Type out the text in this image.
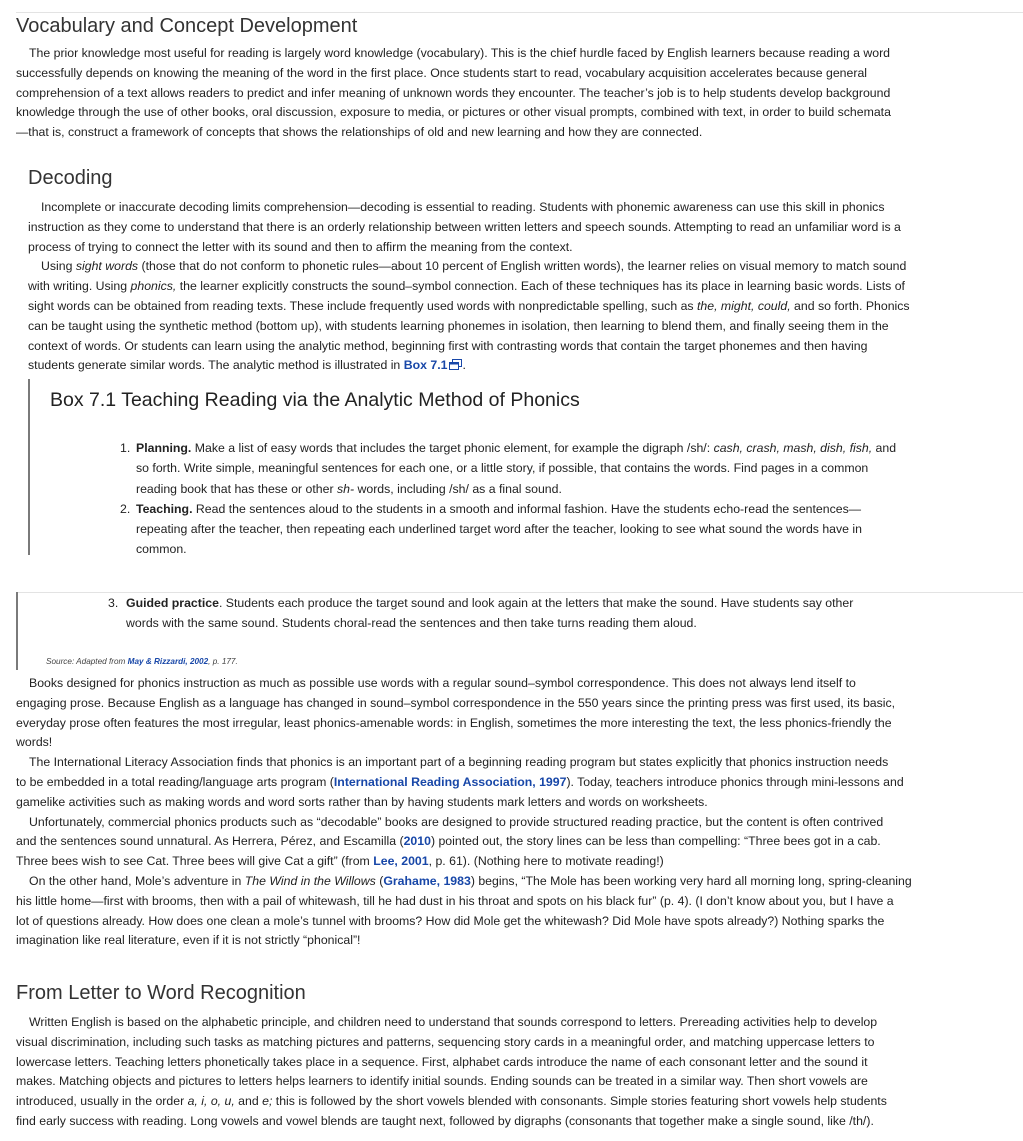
Vocabulary and Concept Development

The prior knowledge most useful for reading is largely word knowledge (vocabulary). This is the chief hurdle faced by English learners because reading a word

successfully depends on knowing the meaning of the word in the first place. Once students start to read, vocabulary acquisition accelerates because general

comprehension of a text allows readers to predict and infer meaning of unknown words they encounter. The teacher’s job is to help students develop background

knowledge through the use of other books, oral discussion, exposure to media, or pictures or other visual prompts, combined with text, in order to build schemata

—that is, construct a framework of concepts that shows the relationships of old and new learning and how they are connected.

Decoding

Incomplete or inaccurate decoding limits comprehension—decoding is essential to reading. Students with phonemic awareness can use this skill in phonics

instruction as they come to understand that there is an orderly relationship between written letters and speech sounds. Attempting to read an unfamiliar word is a

process of trying to connect the letter with its sound and then to affirm the meaning from the context.

Using sight words (those that do not conform to phonetic rules—about 10 percent of English written words), the learner relies on visual memory to match sound

with writing. Using phonics, the learner explicitly constructs the sound–symbol connection. Each of these techniques has its place in learning basic words. Lists of

sight words can be obtained from reading texts. These include frequently used words with nonpredictable spelling, such as the, might, could, and so forth. Phonics

can be taught using the synthetic method (bottom up), with students learning phonemes in isolation, then learning to blend them, and finally seeing them in the

context of words. Or students can learn using the analytic method, beginning first with contrasting words that contain the target phonemes and then having

students generate similar words. The analytic method is illustrated in Box 7.1 .

Box 7.1 Teaching Reading via the Analytic Method of Phonics
1. Planning. Make a list of easy words that includes the target phonic element, for example the digraph /sh/: cash, crash, mash, dish, fish, and
so forth. Write simple, meaningful sentences for each one, or a little story, if possible, that contains the words. Find pages in a common
reading book that has these or other sh- words, including /sh/ as a final sound.
2. Teaching. Read the sentences aloud to the students in a smooth and informal fashion. Have the students echo-read the sentences—
repeating after the teacher, then repeating each underlined target word after the teacher, looking to see what sound the words have in
common.
3. Guided practice. Students each produce the target sound and look again at the letters that make the sound. Have students say other
words with the same sound. Students choral-read the sentences and then take turns reading them aloud.
Source: Adapted from May & Rizzardi, 2002, p. 177.

Books designed for phonics instruction as much as possible use words with a regular sound–symbol correspondence. This does not always lend itself to

engaging prose. Because English as a language has changed in sound–symbol correspondence in the 550 years since the printing press was first used, its basic,

everyday prose often features the most irregular, least phonics-amenable words: in English, sometimes the more interesting the text, the less phonics-friendly the

words!

The International Literacy Association finds that phonics is an important part of a beginning reading program but states explicitly that phonics instruction needs

to be embedded in a total reading/language arts program (International Reading Association, 1997). Today, teachers introduce phonics through mini-lessons and

gamelike activities such as making words and word sorts rather than by having students mark letters and words on worksheets.

Unfortunately, commercial phonics products such as “decodable” books are designed to provide structured reading practice, but the content is often contrived

and the sentences sound unnatural. As Herrera, Pérez, and Escamilla (2010) pointed out, the story lines can be less than compelling: “Three bees got in a cab.

Three bees wish to see Cat. Three bees will give Cat a gift” (from Lee, 2001, p. 61). (Nothing here to motivate reading!)

On the other hand, Mole’s adventure in The Wind in the Willows (Grahame, 1983) begins, “The Mole has been working very hard all morning long, spring-cleaning

his little home—first with brooms, then with a pail of whitewash, till he had dust in his throat and spots on his black fur” (p. 4). (I don’t know about you, but I have a

lot of questions already. How does one clean a mole’s tunnel with brooms? How did Mole get the whitewash? Did Mole have spots already?) Nothing sparks the

imagination like real literature, even if it is not strictly “phonical”!

From Letter to Word Recognition

Written English is based on the alphabetic principle, and children need to understand that sounds correspond to letters. Prereading activities help to develop

visual discrimination, including such tasks as matching pictures and patterns, sequencing story cards in a meaningful order, and matching uppercase letters to

lowercase letters. Teaching letters phonetically takes place in a sequence. First, alphabet cards introduce the name of each consonant letter and the sound it

makes. Matching objects and pictures to letters helps learners to identify initial sounds. Ending sounds can be treated in a similar way. Then short vowels are

introduced, usually in the order a, i, o, u, and e; this is followed by the short vowels blended with consonants. Simple stories featuring short vowels help students

find early success with reading. Long vowels and vowel blends are taught next, followed by digraphs (consonants that together make a single sound, like /th/).
